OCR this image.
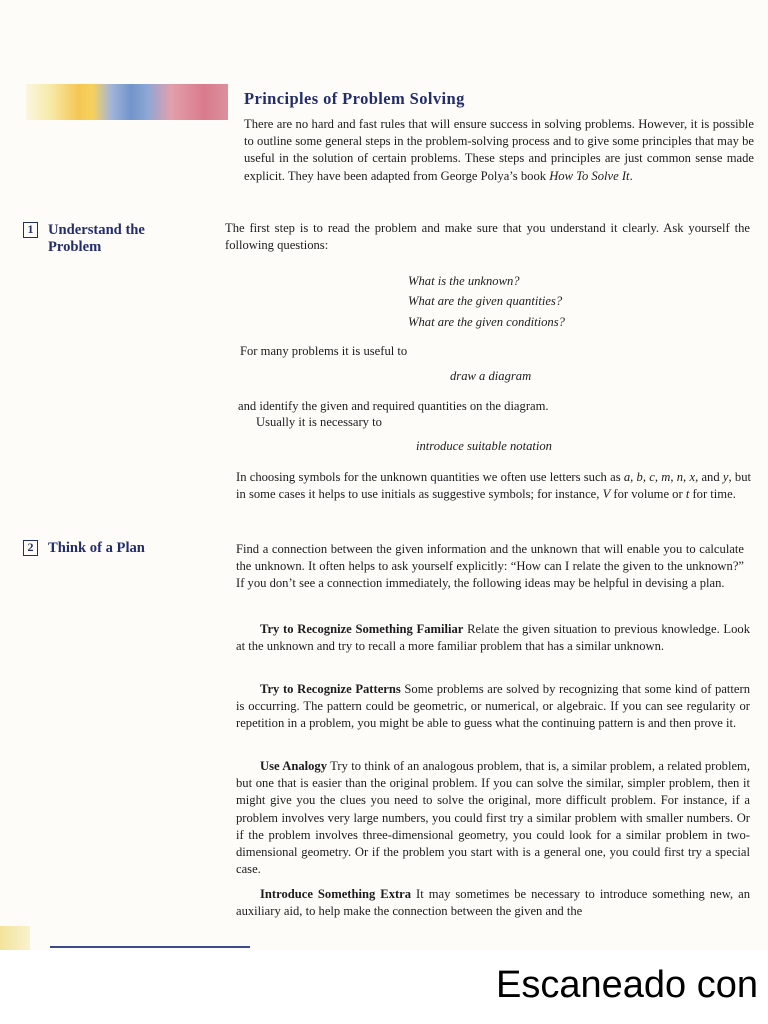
Principles of Problem Solving

There are no hard and fast rules that will ensure success in solving problems. However, it is possible to outline some general steps in the problem-solving process and to give some principles that may be useful in the solution of certain problems. These steps and principles are just common sense made explicit. They have been adapted from George Polya’s book How To Solve It.

1 Understand the
Problem

The first step is to read the problem and make sure that you understand it clearly. Ask yourself the following questions:

What is the unknown?
What are the given quantities?
What are the given conditions?
For many problems it is useful to
draw a diagram
and identify the given and required quantities on the diagram.
Usually it is necessary to
introduce suitable notation

In choosing symbols for the unknown quantities we often use letters such as a, b, c, m, n, x, and y, but in some cases it helps to use initials as suggestive symbols; for instance, V for volume or t for time.

2 Think of a Plan	Find a connection between the given information and the unknown that will enable you to calculate the unknown. It often helps to ask yourself explicitly: “How can I relate the given to the unknown?” If you don’t see a connection immediately, the following ideas may be helpful in devising a plan.

Try to Recognize Something Familiar Relate the given situation to previous knowledge. Look at the unknown and try to recall a more familiar problem that has a similar unknown.

Try to Recognize Patterns Some problems are solved by recognizing that some kind of pattern is occurring. The pattern could be geometric, or numerical, or algebraic. If you can see regularity or repetition in a problem, you might be able to guess what the continuing pattern is and then prove it.

Use Analogy Try to think of an analogous problem, that is, a similar problem, a related problem, but one that is easier than the original problem. If you can solve the similar, simpler problem, then it might give you the clues you need to solve the original, more difficult problem. For instance, if a problem involves very large numbers, you could first try a similar problem with smaller numbers. Or if the problem involves three-dimensional geometry, you could look for a similar problem in two-dimensional geometry. Or if the problem you start with is a general one, you could first try a special case.

Introduce Something Extra It may sometimes be necessary to introduce something new, an auxiliary aid, to help make the connection between the given and the

Escaneado con
